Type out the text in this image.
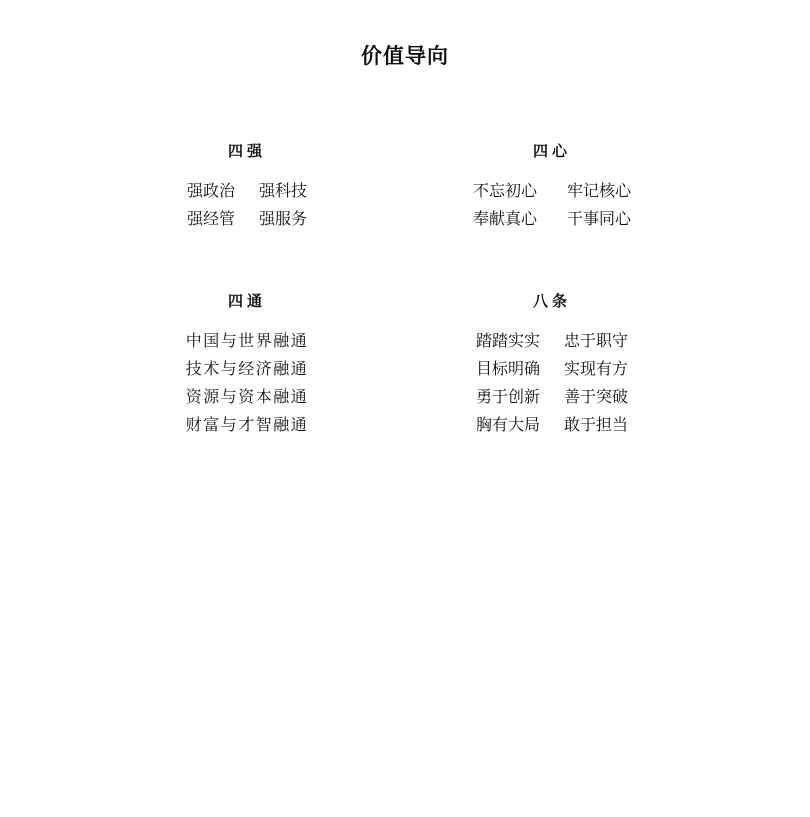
价值导向
四强
强政治 强科技
强经管 强服务
四心
不忘初心 牢记核心
奉献真心 干事同心
四通
中国与世界融通
技术与经济融通
资源与资本融通
财富与才智融通
八条
踏踏实实 忠于职守
目标明确 实现有方
勇于创新 善于突破
胸有大局 敢于担当
